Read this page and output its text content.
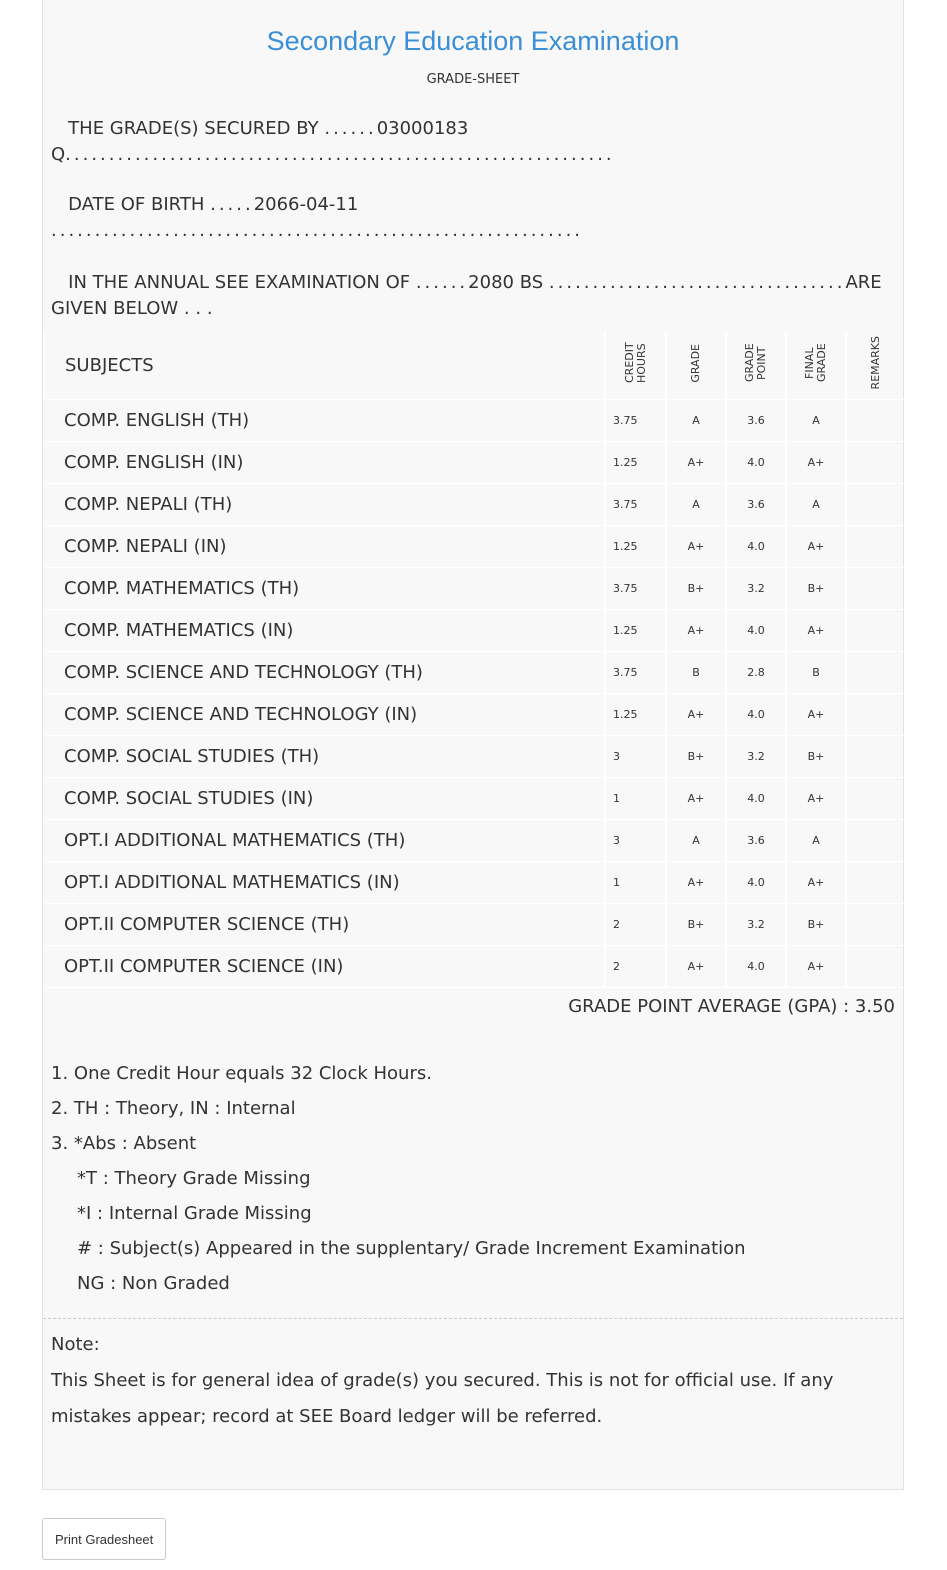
Secondary Education Examination
GRADE-SHEET
THE GRADE(S) SECURED BY ......03000183Q...............................................................
DATE OF BIRTH .....2066-04-11 .............................................................
IN THE ANNUAL SEE EXAMINATION OF ......2080 BS ..................................ARE GIVEN BELOW . . .
SUBJECTS	CREDIT HOURS	GRADE	GRADE POINT	FINAL GRADE	REMARKS
COMP. ENGLISH (TH)	3.75	A	3.6	A	
COMP. ENGLISH (IN)	1.25	A+	4.0	A+	
COMP. NEPALI (TH)	3.75	A	3.6	A	
COMP. NEPALI (IN)	1.25	A+	4.0	A+	
COMP. MATHEMATICS (TH)	3.75	B+	3.2	B+	
COMP. MATHEMATICS (IN)	1.25	A+	4.0	A+	
COMP. SCIENCE AND TECHNOLOGY (TH)	3.75	B	2.8	B	
COMP. SCIENCE AND TECHNOLOGY (IN)	1.25	A+	4.0	A+	
COMP. SOCIAL STUDIES (TH)	3	B+	3.2	B+	
COMP. SOCIAL STUDIES (IN)	1	A+	4.0	A+	
OPT.I ADDITIONAL MATHEMATICS (TH)	3	A	3.6	A	
OPT.I ADDITIONAL MATHEMATICS (IN)	1	A+	4.0	A+	
OPT.II COMPUTER SCIENCE (TH)	2	B+	3.2	B+	
OPT.II COMPUTER SCIENCE (IN)	2	A+	4.0	A+	
GRADE POINT AVERAGE (GPA) : 3.50
1. One Credit Hour equals 32 Clock Hours.
2. TH : Theory, IN : Internal
3. *Abs : Absent
*T : Theory Grade Missing
*I : Internal Grade Missing
# : Subject(s) Appeared in the supplentary/ Grade Increment Examination
NG : Non Graded
Note:
This Sheet is for general idea of grade(s) you secured. This is not for official use. If any mistakes appear; record at SEE Board ledger will be referred.
Print Gradesheet
